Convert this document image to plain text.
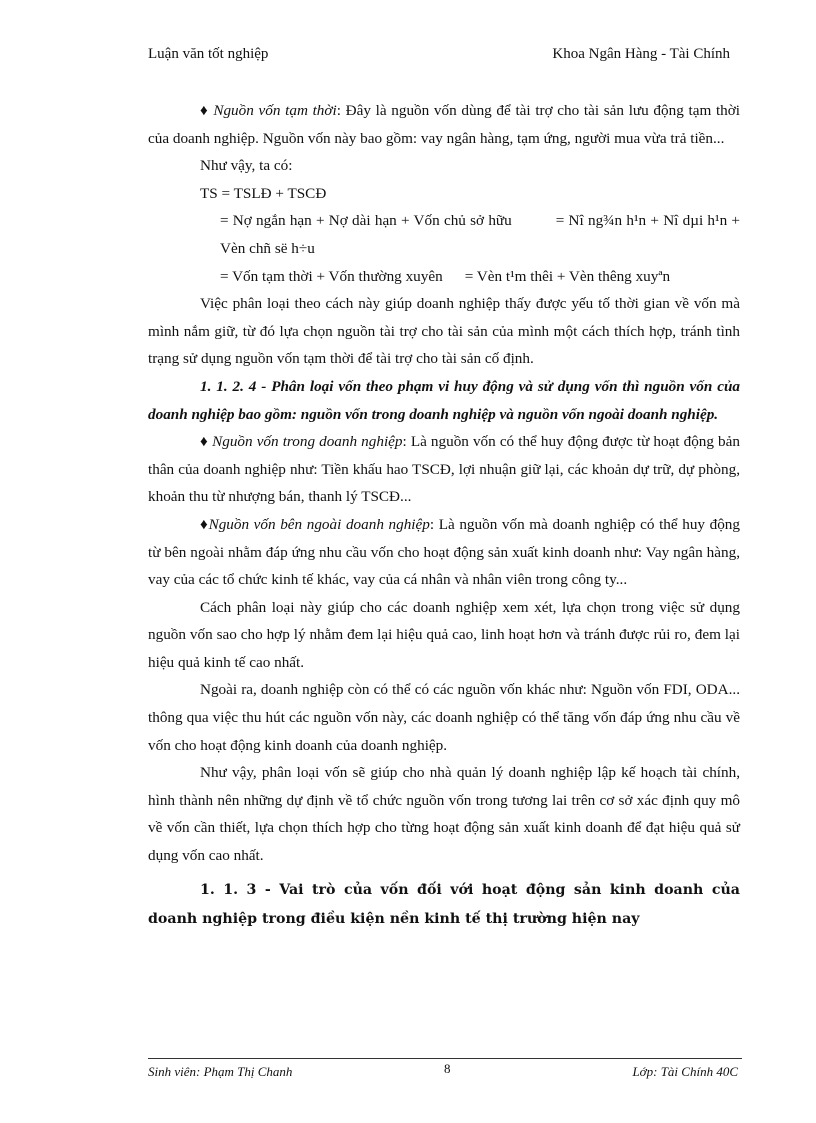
Luận văn tốt nghiệp	Khoa Ngân Hàng - Tài Chính

♦ Nguồn vốn tạm thời: Đây là nguồn vốn dùng để tài trợ cho tài sản lưu động tạm thời của doanh nghiệp. Nguồn vốn này bao gồm: vay ngân hàng, tạm ứng, người mua vừa trả tiền...

Như vậy, ta có:

TS = TSLĐ + TSCĐ

= Nợ ngắn hạn + Nợ dài hạn + Vốn chủ sở hữu	= Nî ng¾n h¹n + Nî dµi h¹n + Vèn chñ së h÷u

= Vốn tạm thời + Vốn thường xuyên = Vèn t¹m thêi + Vèn thêng xuyªn

Việc phân loại theo cách này giúp doanh nghiệp thấy được yếu tố thời gian về vốn mà mình nắm giữ, từ đó lựa chọn nguồn tài trợ cho tài sản của mình một cách thích hợp, tránh tình trạng sử dụng nguồn vốn tạm thời để tài trợ cho tài sản cố định.

1. 1. 2. 4 - Phân loại vốn theo phạm vi huy động và sử dụng vốn thì nguồn vốn của doanh nghiệp bao gồm: nguồn vốn trong doanh nghiệp và nguồn vốn ngoài doanh nghiệp.

♦ Nguồn vốn trong doanh nghiệp: Là nguồn vốn có thể huy động được từ hoạt động bản thân của doanh nghiệp như: Tiền khấu hao TSCĐ, lợi nhuận giữ lại, các khoản dự trữ, dự phòng, khoản thu từ nhượng bán, thanh lý TSCĐ...

♦Nguồn vốn bên ngoài doanh nghiệp: Là nguồn vốn mà doanh nghiệp có thể huy động từ bên ngoài nhằm đáp ứng nhu cầu vốn cho hoạt động sản xuất kinh doanh như: Vay ngân hàng, vay của các tổ chức kinh tế khác, vay của cá nhân và nhân viên trong công ty...

Cách phân loại này giúp cho các doanh nghiệp xem xét, lựa chọn trong việc sử dụng nguồn vốn sao cho hợp lý nhằm đem lại hiệu quả cao, linh hoạt hơn và tránh được rủi ro, đem lại hiệu quả kinh tế cao nhất.

Ngoài ra, doanh nghiệp còn có thể có các nguồn vốn khác như: Nguồn vốn FDI, ODA... thông qua việc thu hút các nguồn vốn này, các doanh nghiệp có thể tăng vốn đáp ứng nhu cầu về vốn cho hoạt động kinh doanh của doanh nghiệp.

Như vậy, phân loại vốn sẽ giúp cho nhà quản lý doanh nghiệp lập kế hoạch tài chính, hình thành nên những dự định về tổ chức nguồn vốn trong tương lai trên cơ sở xác định quy mô về vốn cần thiết, lựa chọn thích hợp cho từng hoạt động sản xuất kinh doanh để đạt hiệu quả sử dụng vốn cao nhất.

1. 1. 3 - Vai trò của vốn đối với hoạt động sản kinh doanh của doanh nghiệp trong điều kiện nền kinh tế thị trường hiện nay

Sinh viên: Phạm Thị Chanh	8	Lớp: Tài Chính 40C
